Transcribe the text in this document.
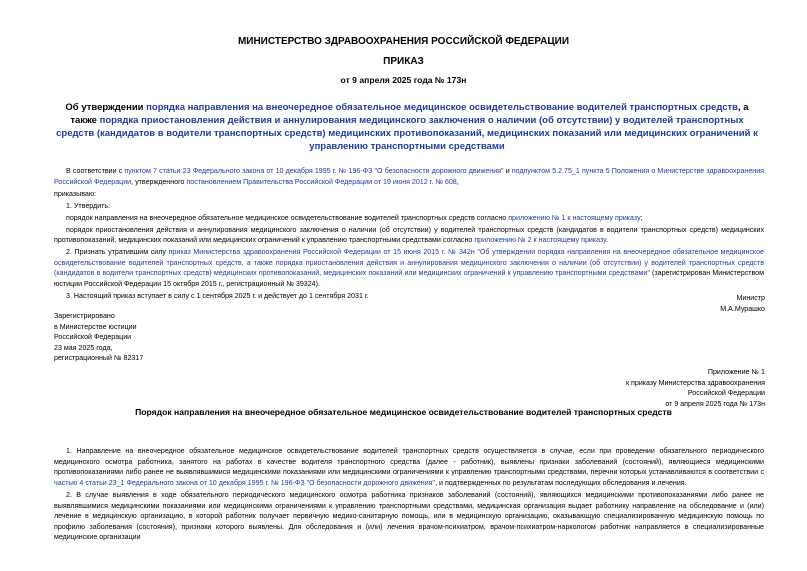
МИНИСТЕРСТВО ЗДРАВООХРАНЕНИЯ РОССИЙСКОЙ ФЕДЕРАЦИИ
ПРИКАЗ
от 9 апреля 2025 года № 173н
Об утверждении порядка направления на внеочередное обязательное медицинское освидетельствование водителей транспортных средств, а также порядка приостановления действия и аннулирования медицинского заключения о наличии (об отсутствии) у водителей транспортных средств (кандидатов в водители транспортных средств) медицинских противопоказаний, медицинских показаний или медицинских ограничений к управлению транспортными средствами

В соответствии с пунктом 7 статьи 23 Федерального закона от 10 декабря 1995 г. № 196-ФЗ "О безопасности дорожного движения" и подпунктом 5.2.75_1 пункта 5 Положения о Министерстве здравоохранения Российской Федерации, утвержденного постановлением Правительства Российской Федерации от 19 июня 2012 г. № 608,

приказываю:

1. Утвердить:

порядок направления на внеочередное обязательное медицинское освидетельствование водителей транспортных средств согласно приложению № 1 к настоящему приказу;

порядок приостановления действия и аннулирования медицинского заключения о наличии (об отсутствии) у водителей транспортных средств (кандидатов в водители транспортных средств) медицинских противопоказаний, медицинских показаний или медицинских ограничений к управлению транспортными средствами согласно приложению № 2 к настоящему приказу.

2. Признать утратившим силу приказ Министерства здравоохранения Российской Федерации от 15 июня 2015 г. № 342н "Об утверждении порядка направления на внеочередное обязательное медицинское освидетельствование водителей транспортных средств, а также порядка приостановления действия и аннулирования медицинского заключения о наличии (об отсутствии) у водителей транспортных средств (кандидатов в водители транспортных средств) медицинских противопоказаний, медицинских показаний или медицинских ограничений к управлению транспортными средствами" (зарегистрирован Министерством юстиции Российской Федерации 15 октября 2015 г., регистрационный № 39324).

3. Настоящий приказ вступает в силу с 1 сентября 2025 г. и действует до 1 сентября 2031 г.	Министр
М.А.Мурашко
Зарегистрировано
в Министерстве юстиции
Российской Федерации
23 мая 2025 года,
регистрационный № 82317
Приложение № 1
к приказу Министерства здравоохранения
Российской Федерации
от 9 апреля 2025 года № 173н
Порядок направления на внеочередное обязательное медицинское освидетельствование водителей транспортных средств

1. Направление на внеочередное обязательное медицинское освидетельствование водителей транспортных средств осуществляется в случае, если при проведении обязательного периодического медицинского осмотра работника, занятого на работах в качестве водителя транспортного средства (далее - работник), выявлены признаки заболеваний (состояний), являющиеся медицинскими противопоказаниями либо ранее не выявлявшимися медицинскими показаниями или медицинскими ограничениями к управлению транспортными средствами, перечни которых устанавливаются в соответствии с частью 4 статьи 23_1 Федерального закона от 10 декабря 1995 г. № 196-ФЗ "О безопасности дорожного движения", и подтвержденных по результатам последующих обследования и лечения.

2. В случае выявления в ходе обязательного периодического медицинского осмотра работника признаков заболеваний (состояний), являющихся медицинскими противопоказаниями либо ранее не выявлявшимися медицинскими показаниями или медицинскими ограничениями к управлению транспортными средствами, медицинская организация выдает работнику направление на обследование и (или) лечение в медицинскую организацию, в которой работник получает первичную медико-санитарную помощь, или в медицинскую организацию, оказывающую специализированную медицинскую помощь по профилю заболевания (состояния), признаки которого выявлены. Для обследования и (или) лечения врачом-психиатром, врачом-психиатром-наркологом работник направляется в специализированные медицинские организации
